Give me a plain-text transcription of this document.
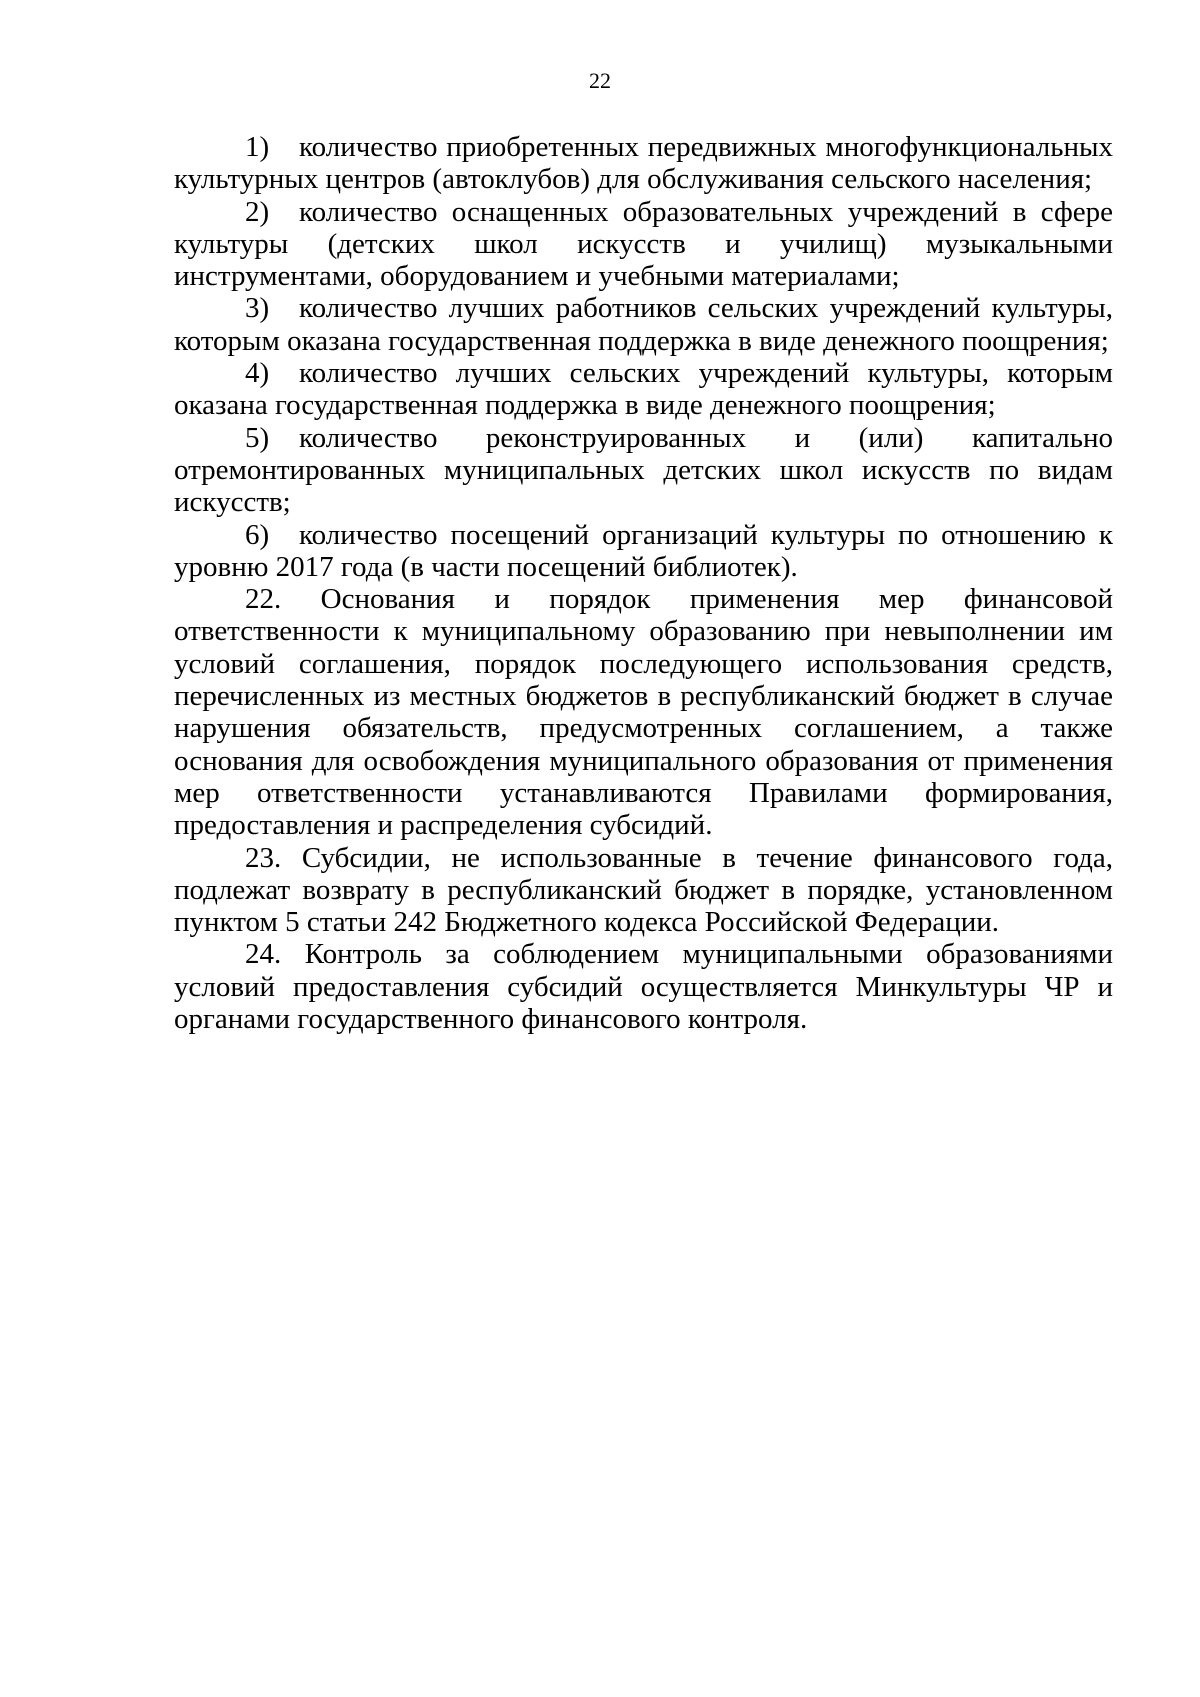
22

1) количество приобретенных передвижных многофункциональных культурных центров (автоклубов) для обслуживания сельского населения;

2) количество оснащенных образовательных учреждений в сфере культуры (детских школ искусств и училищ) музыкальными инструментами, оборудованием и учебными материалами;

3) количество лучших работников сельских учреждений культуры, которым оказана государственная поддержка в виде денежного поощрения;

4) количество лучших сельских учреждений культуры, которым оказана государственная поддержка в виде денежного поощрения;

5) количество реконструированных и (или) капитально отремонтированных муниципальных детских школ искусств по видам искусств;

6) количество посещений организаций культуры по отношению к уровню 2017 года (в части посещений библиотек).

22. Основания и порядок применения мер финансовой ответственности к муниципальному образованию при невыполнении им условий соглашения, порядок последующего использования средств, перечисленных из местных бюджетов в республиканский бюджет в случае нарушения обязательств, предусмотренных соглашением, а также основания для освобождения муниципального образования от применения мер ответственности устанавливаются Правилами формирования, предоставления и распределения субсидий.

23. Субсидии, не использованные в течение финансового года, подлежат возврату в республиканский бюджет в порядке, установленном пунктом 5 статьи 242 Бюджетного кодекса Российской Федерации.

24. Контроль за соблюдением муниципальными образованиями условий предоставления субсидий осуществляется Минкультуры ЧР и органами государственного финансового контроля.
